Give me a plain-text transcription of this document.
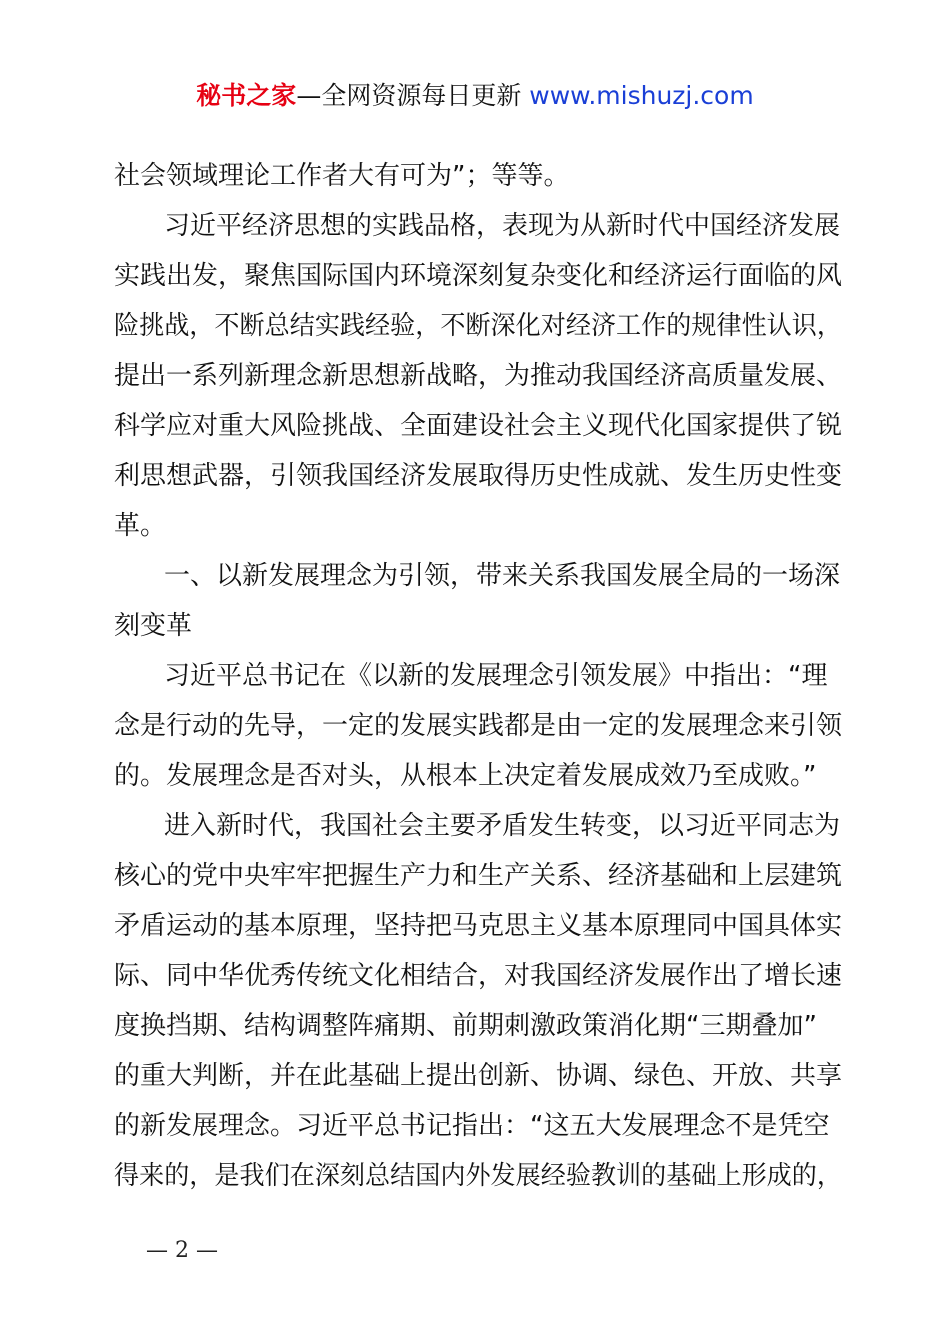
秘书之家—全网资源每日更新 www.mishuzj.com
社会领域理论工作者大有可为”；等等。
习近平经济思想的实践品格，表现为从新时代中国经济发展
实践出发，聚焦国际国内环境深刻复杂变化和经济运行面临的风
险挑战，不断总结实践经验，不断深化对经济工作的规律性认识，
提出一系列新理念新思想新战略，为推动我国经济高质量发展、
科学应对重大风险挑战、全面建设社会主义现代化国家提供了锐
利思想武器，引领我国经济发展取得历史性成就、发生历史性变
革。
一、以新发展理念为引领，带来关系我国发展全局的一场深
刻变革
习近平总书记在《以新的发展理念引领发展》中指出：“理
念是行动的先导，一定的发展实践都是由一定的发展理念来引领
的。发展理念是否对头，从根本上决定着发展成效乃至成败。”
进入新时代，我国社会主要矛盾发生转变，以习近平同志为
核心的党中央牢牢把握生产力和生产关系、经济基础和上层建筑
矛盾运动的基本原理，坚持把马克思主义基本原理同中国具体实
际、同中华优秀传统文化相结合，对我国经济发展作出了增长速
度换挡期、结构调整阵痛期、前期刺激政策消化期“三期叠加”
的重大判断，并在此基础上提出创新、协调、绿色、开放、共享
的新发展理念。习近平总书记指出：“这五大发展理念不是凭空
得来的，是我们在深刻总结国内外发展经验教训的基础上形成的，
— 2 —
